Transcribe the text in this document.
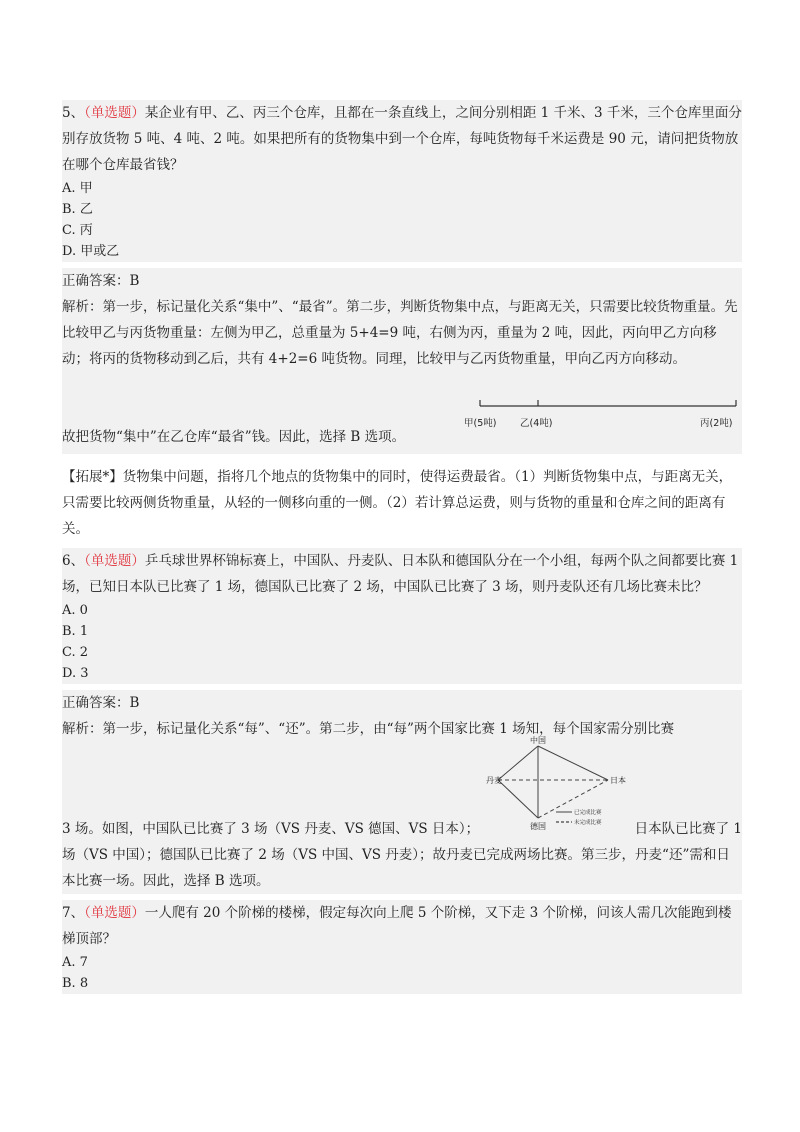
5、（单选题）某企业有甲、乙、丙三个仓库，且都在一条直线上，之间分别相距 1 千米、3 千米，三个仓库里面分别存放货物 5 吨、4 吨、2 吨。如果把所有的货物集中到一个仓库，每吨货物每千米运费是 90 元，请问把货物放在哪个仓库最省钱？

A. 甲

B. 乙

C. 丙

D. 甲或乙

正确答案：B

解析：第一步，标记量化关系“集中”、“最省”。第二步，判断货物集中点，与距离无关，只需要比较货物重量。先比较甲乙与丙货物重量：左侧为甲乙，总重量为 5+4=9 吨，右侧为丙，重量为 2 吨，因此，丙向甲乙方向移动；将丙的货物移动到乙后，共有 4+2=6 吨货物。同理，比较甲与乙丙货物重量，甲向乙丙方向移动。

甲(5吨) 乙(4吨)	丙(2吨)

故把货物“集中”在乙仓库“最省”钱。因此，选择 B 选项。

【拓展*】货物集中问题，指将几个地点的货物集中的同时，使得运费最省。（1）判断货物集中点，与距离无关，只需要比较两侧货物重量，从轻的一侧移向重的一侧。（2）若计算总运费，则与货物的重量和仓库之间的距离有关。

6、（单选题）乒乓球世界杯锦标赛上，中国队、丹麦队、日本队和德国队分在一个小组，每两个队之间都要比赛 1 场，已知日本队已比赛了 1 场，德国队已比赛了 2 场，中国队已比赛了 3 场，则丹麦队还有几场比赛未比？

A. 0

B. 1

C. 2

D. 3

正确答案：B

解析：第一步，标记量化关系“每”、“还”。第二步，由“每”两个国家比赛 1 场知，每个国家需分别比赛

中国
丹麦	日本
德国
已完成比赛
未完成比赛

3 场。如图，中国队已比赛了 3 场（VS 丹麦、VS 德国、VS 日本）；	日本队已比赛了 1

场（VS 中国）；德国队已比赛了 2 场（VS 中国、VS 丹麦）；故丹麦已完成两场比赛。第三步，丹麦“还”需和日本比赛一场。因此，选择 B 选项。

7、（单选题）一人爬有 20 个阶梯的楼梯，假定每次向上爬 5 个阶梯，又下走 3 个阶梯，问该人需几次能跑到楼梯顶部？

A. 7

B. 8
